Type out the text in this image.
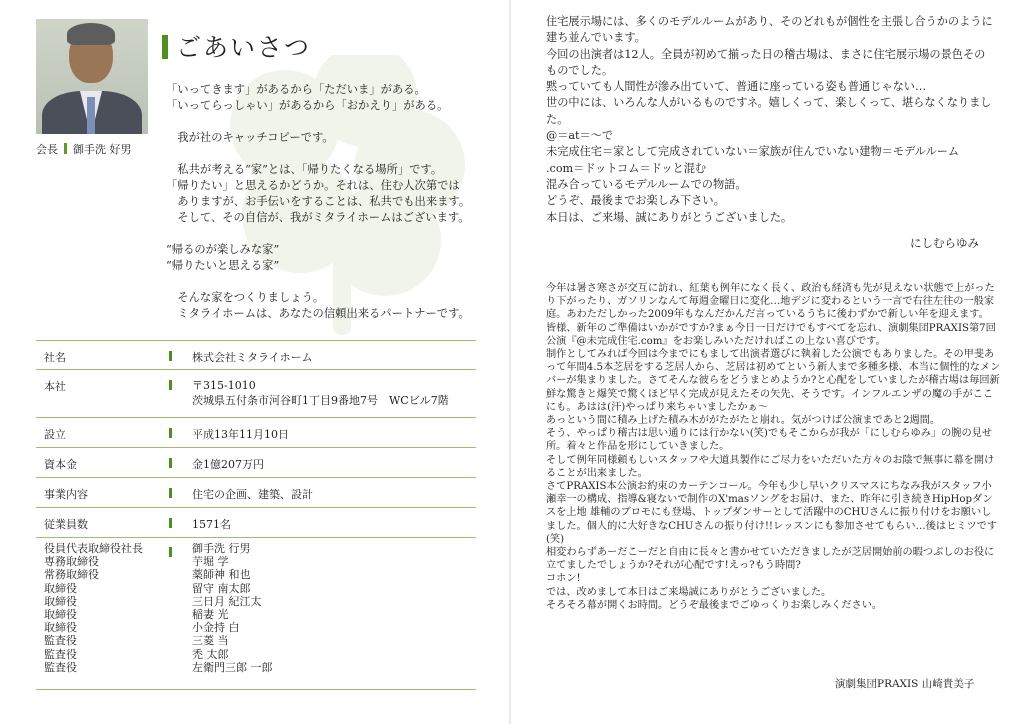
会長 御手洗 好男
ごあいさつ

「いってきます」があるから「ただいま」がある。

「いってらっしゃい」があるから「おかえり」がある。

　我が社のキャッチコピーです。

　私共が考える“家”とは、「帰りたくなる場所」です。

「帰りたい」と思えるかどうか。それは、住む人次第では

　ありますが、お手伝いをすることは、私共でも出来ます。

　そして、その自信が、我がミタライホームはございます。

“帰るのが楽しみな家”

“帰りたいと思える家”

　そんな家をつくりましょう。

　ミタライホームは、あなたの信頼出来るパートナーです。

社名	株式会社ミタライホーム
本社	〒315-1010
茨城県五付条市河谷町1丁目9番地7号　WCビル7階
設立	平成13年11月10日
資本金	金1億207万円
事業内容	住宅の企画、建築、設計
従業員数	1571名
役員代表取締役社長	御手洗 行男
専務取締役	芋堀 学
常務取締役	薬師神 和也
取締役	留守 南太郎
取締役	三日月 紀江太
取締役	稲妻 光
取締役	小金持 白
監査役	三菱 当
監査役	禿 太郎
監査役	左衛門三郎 一郎

住宅展示場には、多くのモデルルームがあり、そのどれもが個性を主張し合うかのように建ち並んでいます。

今回の出演者は12人。全員が初めて揃った日の稽古場は、まさに住宅展示場の景色そのものでした。

黙っていても人間性が滲み出ていて、普通に座っている姿も普通じゃない…

世の中には、いろんな人がいるものですネ。嬉しくって、楽しくって、堪らなくなりました。

@＝at＝～で

未完成住宅＝家として完成されていない＝家族が住んでいない建物＝モデルルーム

.com＝ドットコム＝ドッと混む

混み合っているモデルルームでの物語。

どうぞ、最後までお楽しみ下さい。

本日は、ご来場、誠にありがとうございました。

にしむらゆみ

今年は暑さ寒さが交互に訪れ、紅葉も例年になく長く、政治も経済も先が見えない状態で上がったり下がったり、ガソリンなんて毎週金曜日に変化…地デジに変わるという一言で右往左往の一般家庭。あわただしかった2009年もなんだかんだ言っているうちに後わずかで新しい年を迎えます。

皆様、新年のご準備はいかがですか?まぁ今日一日だけでもすべてを忘れ、演劇集団PRAXIS第7回公演『@未完成住宅.com』をお楽しみいただければこの上ない喜びです。

制作としてみれば今回は今までにもまして出演者選びに執着した公演でもありました。その甲斐あって年間4.5本芝居をする芝居人から、芝居は初めてという新人まで多種多様、本当に個性的なメンバーが集まりました。さてそんな彼らをどうまとめようか?と心配をしていましたが稽古場は毎回新鮮な驚きと爆笑で驚くほど早く完成が見えたその矢先、そうです。インフルエンザの魔の手がここにも。あはは(汗)やっぱり来ちゃいましたかぁ～

あっという間に積み上げた積み木ががたがたと崩れ。気がつけば公演まであと2週間。

そう、やっぱり稽古は思い通りには行かない(笑)でもそこからが我が「にしむらゆみ」の腕の見せ所。着々と作品を形にしていきました。

そして例年同様頼もしいスタッフや大道具製作にご尽力をいただいた方々のお陰で無事に幕を開けることが出来ました。

さてPRAXIS本公演お約束のカーテンコール。今年も少し早いクリスマスにちなみ我がスタッフ小瀬幸一の構成、指導&寝ないで制作のX'masソングをお届け、また、昨年に引き続きHipHopダンスを上地 雄輔のブロモにも登場、トップダンサーとして活躍中のCHUさんに振り付けをお願いしました。個人的に大好きなCHUさんの振り付け!!レッスンにも参加させてもらい…後はヒミツです(笑)

相変わらずあーだこーだと自由に長々と書かせていただきましたが芝居開始前の暇つぶしのお役に立てましたでしょうか?それが心配です!えっ?もう時間?

コホン!

では、改めまして本日はご来場誠にありがとうございました。

そろそろ幕が開くお時間。どうぞ最後までごゆっくりお楽しみください。

演劇集団PRAXIS 山崎貴美子
